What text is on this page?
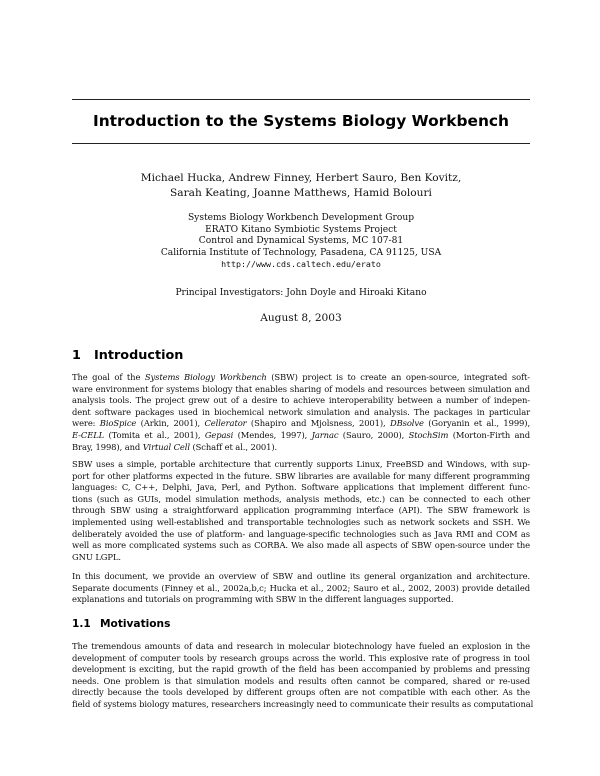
Introduction to the Systems Biology Workbench
Michael Hucka, Andrew Finney, Herbert Sauro, Ben Kovitz,
Sarah Keating, Joanne Matthews, Hamid Bolouri
Systems Biology Workbench Development Group
ERATO Kitano Symbiotic Systems Project
Control and Dynamical Systems, MC 107-81
California Institute of Technology, Pasadena, CA 91125, USA
http://www.cds.caltech.edu/erato
Principal Investigators: John Doyle and Hiroaki Kitano
August 8, 2003
1 Introduction
The goal of the Systems Biology Workbench (SBW) project is to create an open-source, integrated soft-
ware environment for systems biology that enables sharing of models and resources between simulation and
analysis tools. The project grew out of a desire to achieve interoperability between a number of indepen-
dent software packages used in biochemical network simulation and analysis. The packages in particular
were: BioSpice (Arkin, 2001), Cellerator (Shapiro and Mjolsness, 2001), DBsolve (Goryanin et al., 1999),
E-CELL (Tomita et al., 2001), Gepasi (Mendes, 1997), Jarnac (Sauro, 2000), StochSim (Morton-Firth and
Bray, 1998), and Virtual Cell (Schaff et al., 2001).
SBW uses a simple, portable architecture that currently supports Linux, FreeBSD and Windows, with sup-
port for other platforms expected in the future. SBW libraries are available for many different programming
languages: C, C++, Delphi, Java, Perl, and Python. Software applications that implement different func-
tions (such as GUIs, model simulation methods, analysis methods, etc.) can be connected to each other
through SBW using a straightforward application programming interface (API). The SBW framework is
implemented using well-established and transportable technologies such as network sockets and SSH. We
deliberately avoided the use of platform- and language-specific technologies such as Java RMI and COM as
well as more complicated systems such as CORBA. We also made all aspects of SBW open-source under the
GNU LGPL.
In this document, we provide an overview of SBW and outline its general organization and architecture.
Separate documents (Finney et al., 2002a,b,c; Hucka et al., 2002; Sauro et al., 2002, 2003) provide detailed
explanations and tutorials on programming with SBW in the different languages supported.
1.1 Motivations
The tremendous amounts of data and research in molecular biotechnology have fueled an explosion in the
development of computer tools by research groups across the world. This explosive rate of progress in tool
development is exciting, but the rapid growth of the field has been accompanied by problems and pressing
needs. One problem is that simulation models and results often cannot be compared, shared or re-used
directly because the tools developed by different groups often are not compatible with each other. As the
field of systems biology matures, researchers increasingly need to communicate their results as computational
